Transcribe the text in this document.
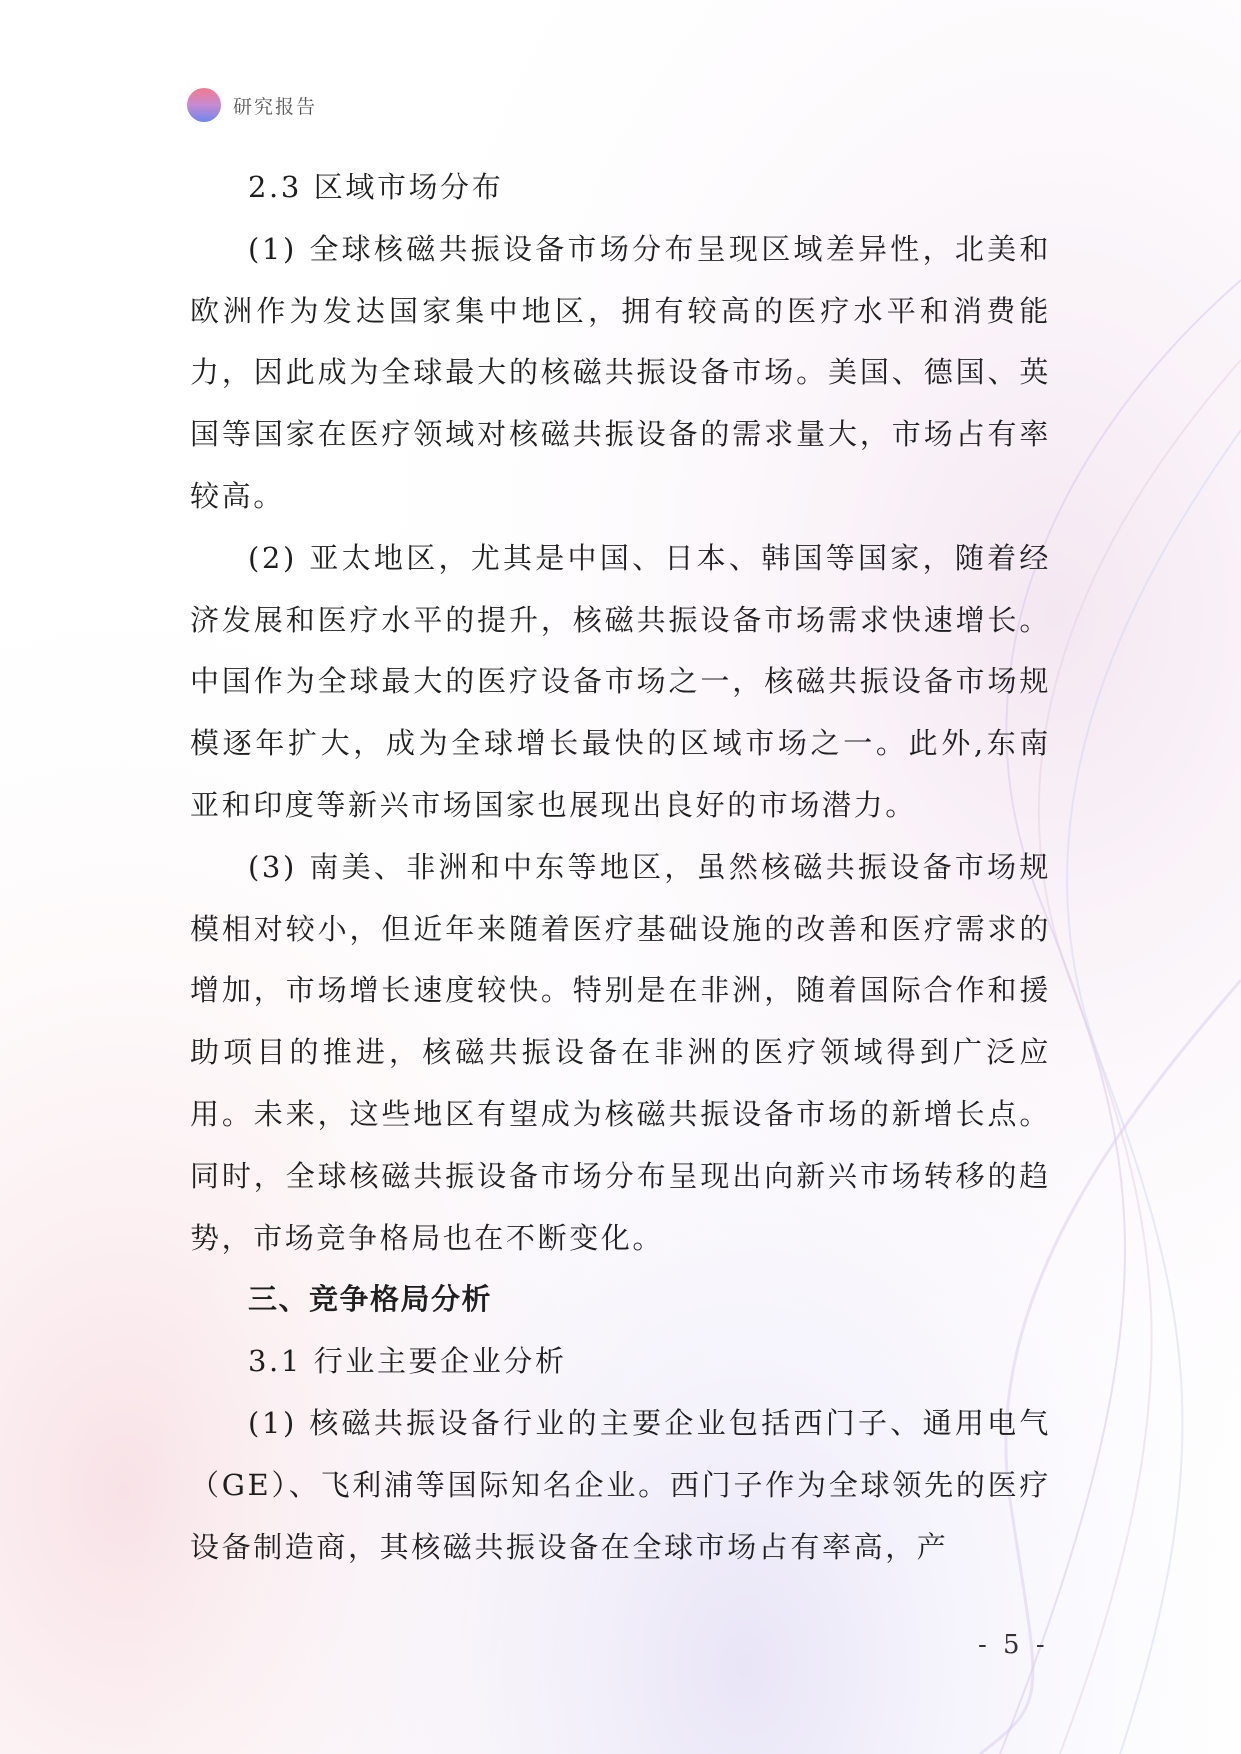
研究报告

2.3 区域市场分布

(1) 全球核磁共振设备市场分布呈现区域差异性，北美和欧洲作为发达国家集中地区，拥有较高的医疗水平和消费能力，因此成为全球最大的核磁共振设备市场。美国、德国、英国等国家在医疗领域对核磁共振设备的需求量大，市场占有率较高。

(2) 亚太地区，尤其是中国、日本、韩国等国家，随着经济发展和医疗水平的提升，核磁共振设备市场需求快速增长。中国作为全球最大的医疗设备市场之一，核磁共振设备市场规模逐年扩大，成为全球增长最快的区域市场之一。此外,东南亚和印度等新兴市场国家也展现出良好的市场潜力。

(3) 南美、非洲和中东等地区，虽然核磁共振设备市场规模相对较小，但近年来随着医疗基础设施的改善和医疗需求的增加，市场增长速度较快。特别是在非洲，随着国际合作和援助项目的推进，核磁共振设备在非洲的医疗领域得到广泛应用。未来，这些地区有望成为核磁共振设备市场的新增长点。同时，全球核磁共振设备市场分布呈现出向新兴市场转移的趋势，市场竞争格局也在不断变化。

三、竞争格局分析

3.1 行业主要企业分析

(1) 核磁共振设备行业的主要企业包括西门子、通用电气（GE）、飞利浦等国际知名企业。西门子作为全球领先的医疗设备制造商，其核磁共振设备在全球市场占有率高，产

- 5 -
